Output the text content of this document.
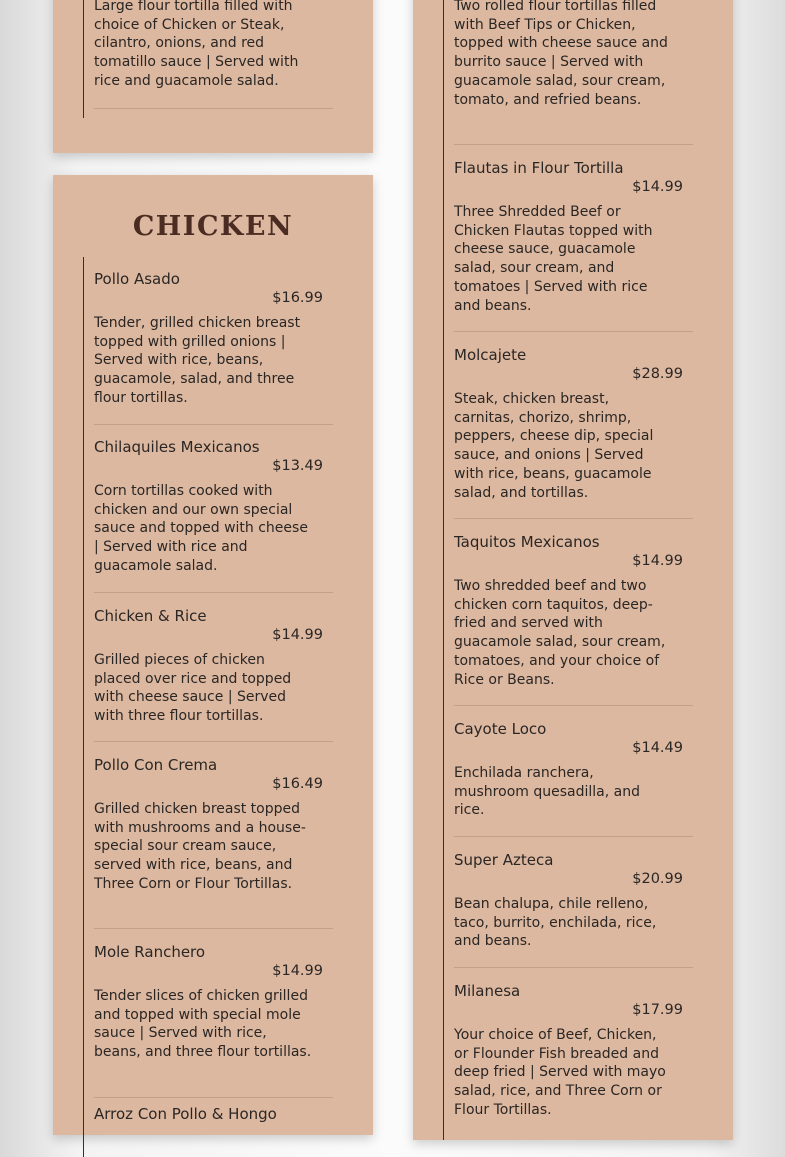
Large flour tortilla filled with choice of Chicken or Steak, cilantro, onions, and red tomatillo sauce | Served with rice and guacamole salad.
CHICKEN
Pollo Asado
$16.99
Tender, grilled chicken breast topped with grilled onions | Served with rice, beans, guacamole, salad, and three flour tortillas.
Chilaquiles Mexicanos
$13.49
Corn tortillas cooked with chicken and our own special sauce and topped with cheese | Served with rice and guacamole salad.
Chicken & Rice
$14.99
Grilled pieces of chicken placed over rice and topped with cheese sauce | Served with three flour tortillas.
Pollo Con Crema
$16.49
Grilled chicken breast topped with mushrooms and a house-special sour cream sauce, served with rice, beans, and Three Corn or Flour Tortillas.
Mole Ranchero
$14.99
Tender slices of chicken grilled and topped with special mole sauce | Served with rice, beans, and three flour tortillas.
Arroz Con Pollo & Hongo
Two rolled flour tortillas filled with Beef Tips or Chicken, topped with cheese sauce and burrito sauce | Served with guacamole salad, sour cream, tomato, and refried beans.
Flautas in Flour Tortilla
$14.99
Three Shredded Beef or Chicken Flautas topped with cheese sauce, guacamole salad, sour cream, and tomatoes | Served with rice and beans.
Molcajete
$28.99
Steak, chicken breast, carnitas, chorizo, shrimp, peppers, cheese dip, special sauce, and onions | Served with rice, beans, guacamole salad, and tortillas.
Taquitos Mexicanos
$14.99
Two shredded beef and two chicken corn taquitos, deep-fried and served with guacamole salad, sour cream, tomatoes, and your choice of Rice or Beans.
Cayote Loco
$14.49
Enchilada ranchera, mushroom quesadilla, and rice.
Super Azteca
$20.99
Bean chalupa, chile relleno, taco, burrito, enchilada, rice, and beans.
Milanesa
$17.99
Your choice of Beef, Chicken, or Flounder Fish breaded and deep fried | Served with mayo salad, rice, and Three Corn or Flour Tortillas.
